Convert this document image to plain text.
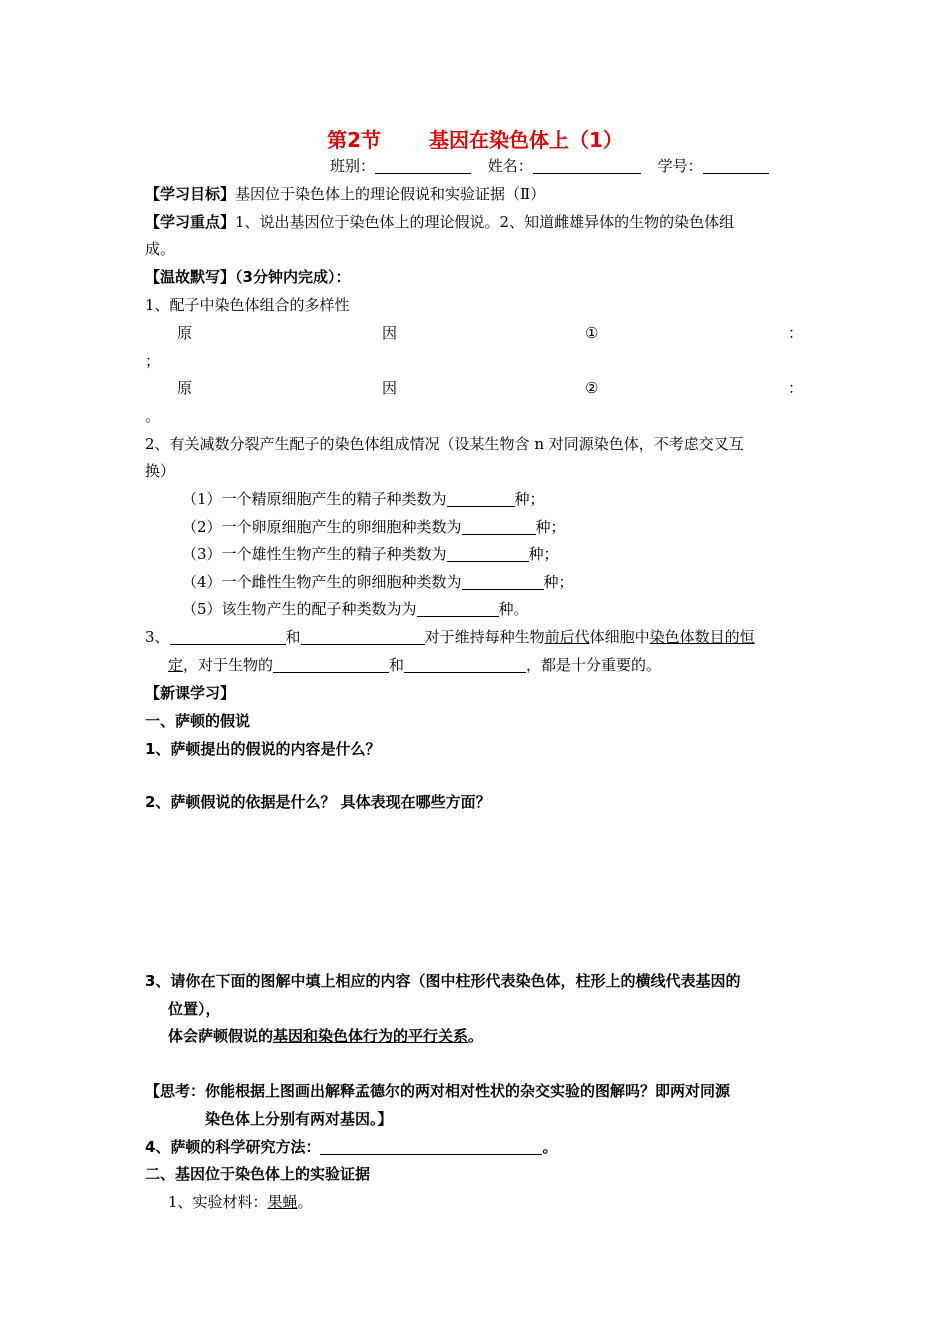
第2节 基因在染色体上（1）
班别：	姓名：	学号：
【学习目标】基因位于染色体上的理论假说和实验证据（Ⅱ）
【学习重点】1、说出基因位于染色体上的理论假说。2、知道雌雄异体的生物的染色体组
成。
【温故默写】（3分钟内完成）：
1、配子中染色体组合的多样性
原	因	①	：
；
原	因	②	：
。
2、有关减数分裂产生配子的染色体组成情况（设某生物含 n 对同源染色体，不考虑交叉互
换）
（1）一个精原细胞产生的精子种类数为	种；
（2）一个卵原细胞产生的卵细胞种类数为	种；
（3）一个雄性生物产生的精子种类数为	种；
（4）一个雌性生物产生的卵细胞种类数为	种；
（5）该生物产生的配子种类数为为	种。
3、	和	对于维持每种生物前后代体细胞中染色体数目的恒
定，对于生物的	和	，都是十分重要的。
【新课学习】
一、萨顿的假说
1、萨顿提出的假说的内容是什么？
2、萨顿假说的依据是什么？ 具体表现在哪些方面？
3、请你在下面的图解中填上相应的内容（图中柱形代表染色体，柱形上的横线代表基因的
位置），
体会萨顿假说的基因和染色体行为的平行关系。
【思考：你能根据上图画出解释孟德尔的两对相对性状的杂交实验的图解吗？即两对同源
染色体上分别有两对基因。】
4、萨顿的科学研究方法：	。
二、基因位于染色体上的实验证据
1、实验材料：果蝇。
